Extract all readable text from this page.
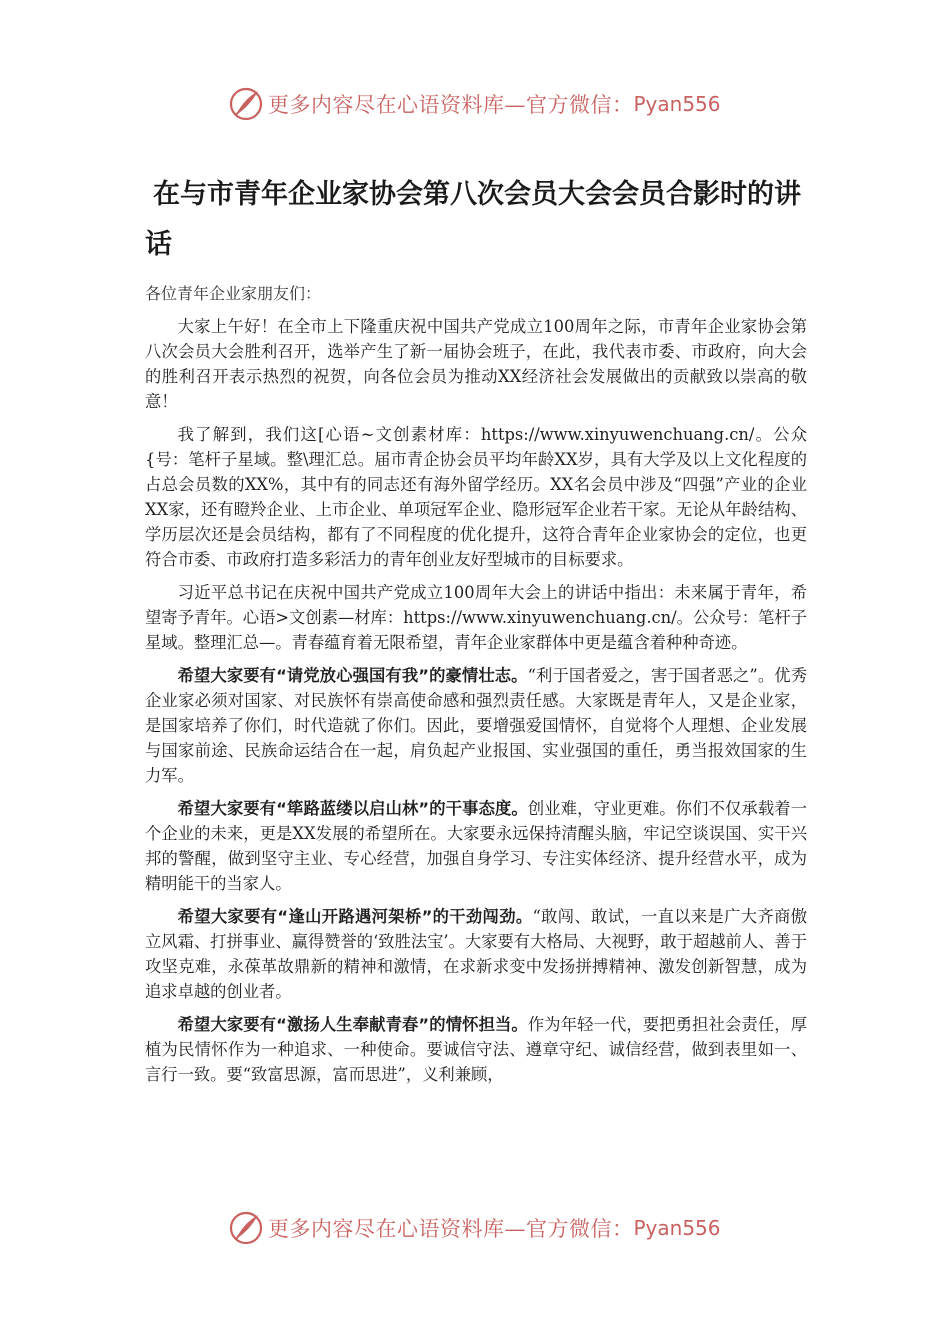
更多内容尽在心语资料库—官方微信： Pyan556
在与市青年企业家协会第八次会员大会会员合影时的讲话
各位青年企业家朋友们：

大家上午好！在全市上下隆重庆祝中国共产党成立100周年之际，市青年企业家协会第八次会员大会胜利召开，选举产生了新一届协会班子，在此，我代表市委、市政府，向大会的胜利召开表示热烈的祝贺，向各位会员为推动XX经济社会发展做出的贡献致以崇高的敬意！

我了解到，我们这[心语~文创素材库：https://www.xinyuwenchuang.cn/。公众{号：笔杆子星域。整\理汇总。届市青企协会员平均年龄XX岁，具有大学及以上文化程度的占总会员数的XX%，其中有的同志还有海外留学经历。XX名会员中涉及“四强”产业的企业XX家，还有瞪羚企业、上市企业、单项冠军企业、隐形冠军企业若干家。无论从年龄结构、学历层次还是会员结构，都有了不同程度的优化提升，这符合青年企业家协会的定位，也更符合市委、市政府打造多彩活力的青年创业友好型城市的目标要求。

习近平总书记在庆祝中国共产党成立100周年大会上的讲话中指出：未来属于青年，希望寄予青年。心语>文创素—材库：https://www.xinyuwenchuang.cn/。公众号：笔杆子星域。整理汇总—。青春蕴育着无限希望，青年企业家群体中更是蕴含着种种奇迹。

希望大家要有“请党放心强国有我”的豪情壮志。“利于国者爱之，害于国者恶之”。优秀企业家必须对国家、对民族怀有崇高使命感和强烈责任感。大家既是青年人，又是企业家，是国家培养了你们，时代造就了你们。因此，要增强爱国情怀，自觉将个人理想、企业发展与国家前途、民族命运结合在一起，肩负起产业报国、实业强国的重任，勇当报效国家的生力军。

希望大家要有“筚路蓝缕以启山林”的干事态度。创业难，守业更难。你们不仅承载着一个企业的未来，更是XX发展的希望所在。大家要永远保持清醒头脑，牢记空谈误国、实干兴邦的警醒，做到坚守主业、专心经营，加强自身学习、专注实体经济、提升经营水平，成为精明能干的当家人。

希望大家要有“逢山开路遇河架桥”的干劲闯劲。“敢闯、敢试，一直以来是广大齐商傲立风霜、打拼事业、赢得赞誉的‘致胜法宝’。大家要有大格局、大视野，敢于超越前人、善于攻坚克难，永葆革故鼎新的精神和激情，在求新求变中发扬拼搏精神、激发创新智慧，成为追求卓越的创业者。

希望大家要有“激扬人生奉献青春”的情怀担当。作为年轻一代，要把勇担社会责任，厚植为民情怀作为一种追求、一种使命。要诚信守法、遵章守纪、诚信经营，做到表里如一、言行一致。要“致富思源，富而思进”，义利兼顾，

更多内容尽在心语资料库—官方微信： Pyan556
